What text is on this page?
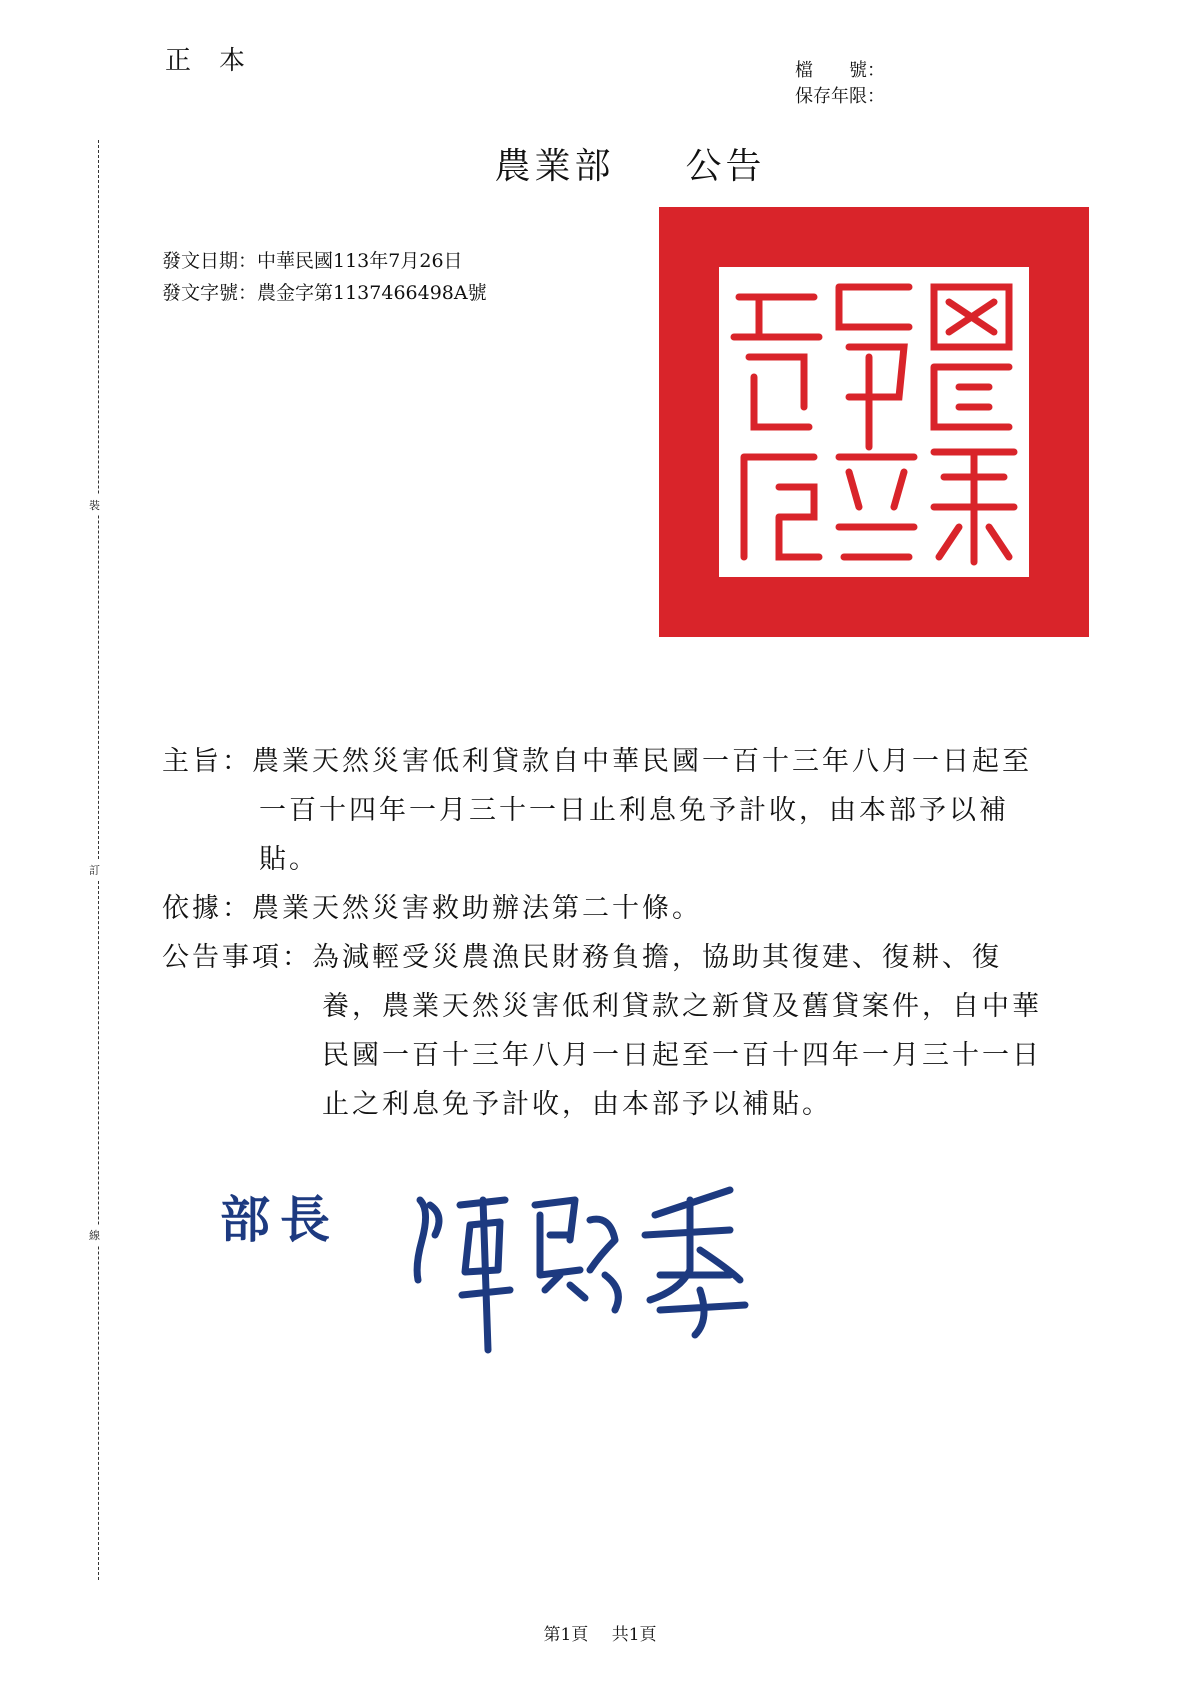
裝
訂
線
正本	檔　　號：
保存年限：
農業部 公告
發文日期：中華民國113年7月26日
發文字號：農金字第1137466498A號
主旨：農業天然災害低利貸款自中華民國一百十三年八月一日起至
一百十四年一月三十一日止利息免予計收，由本部予以補
貼。
依據：農業天然災害救助辦法第二十條。
公告事項：為減輕受災農漁民財務負擔，協助其復建、復耕、復
養，農業天然災害低利貸款之新貸及舊貸案件，自中華
民國一百十三年八月一日起至一百十四年一月三十一日
止之利息免予計收，由本部予以補貼。
部長
陳駿季
第1頁 共1頁
